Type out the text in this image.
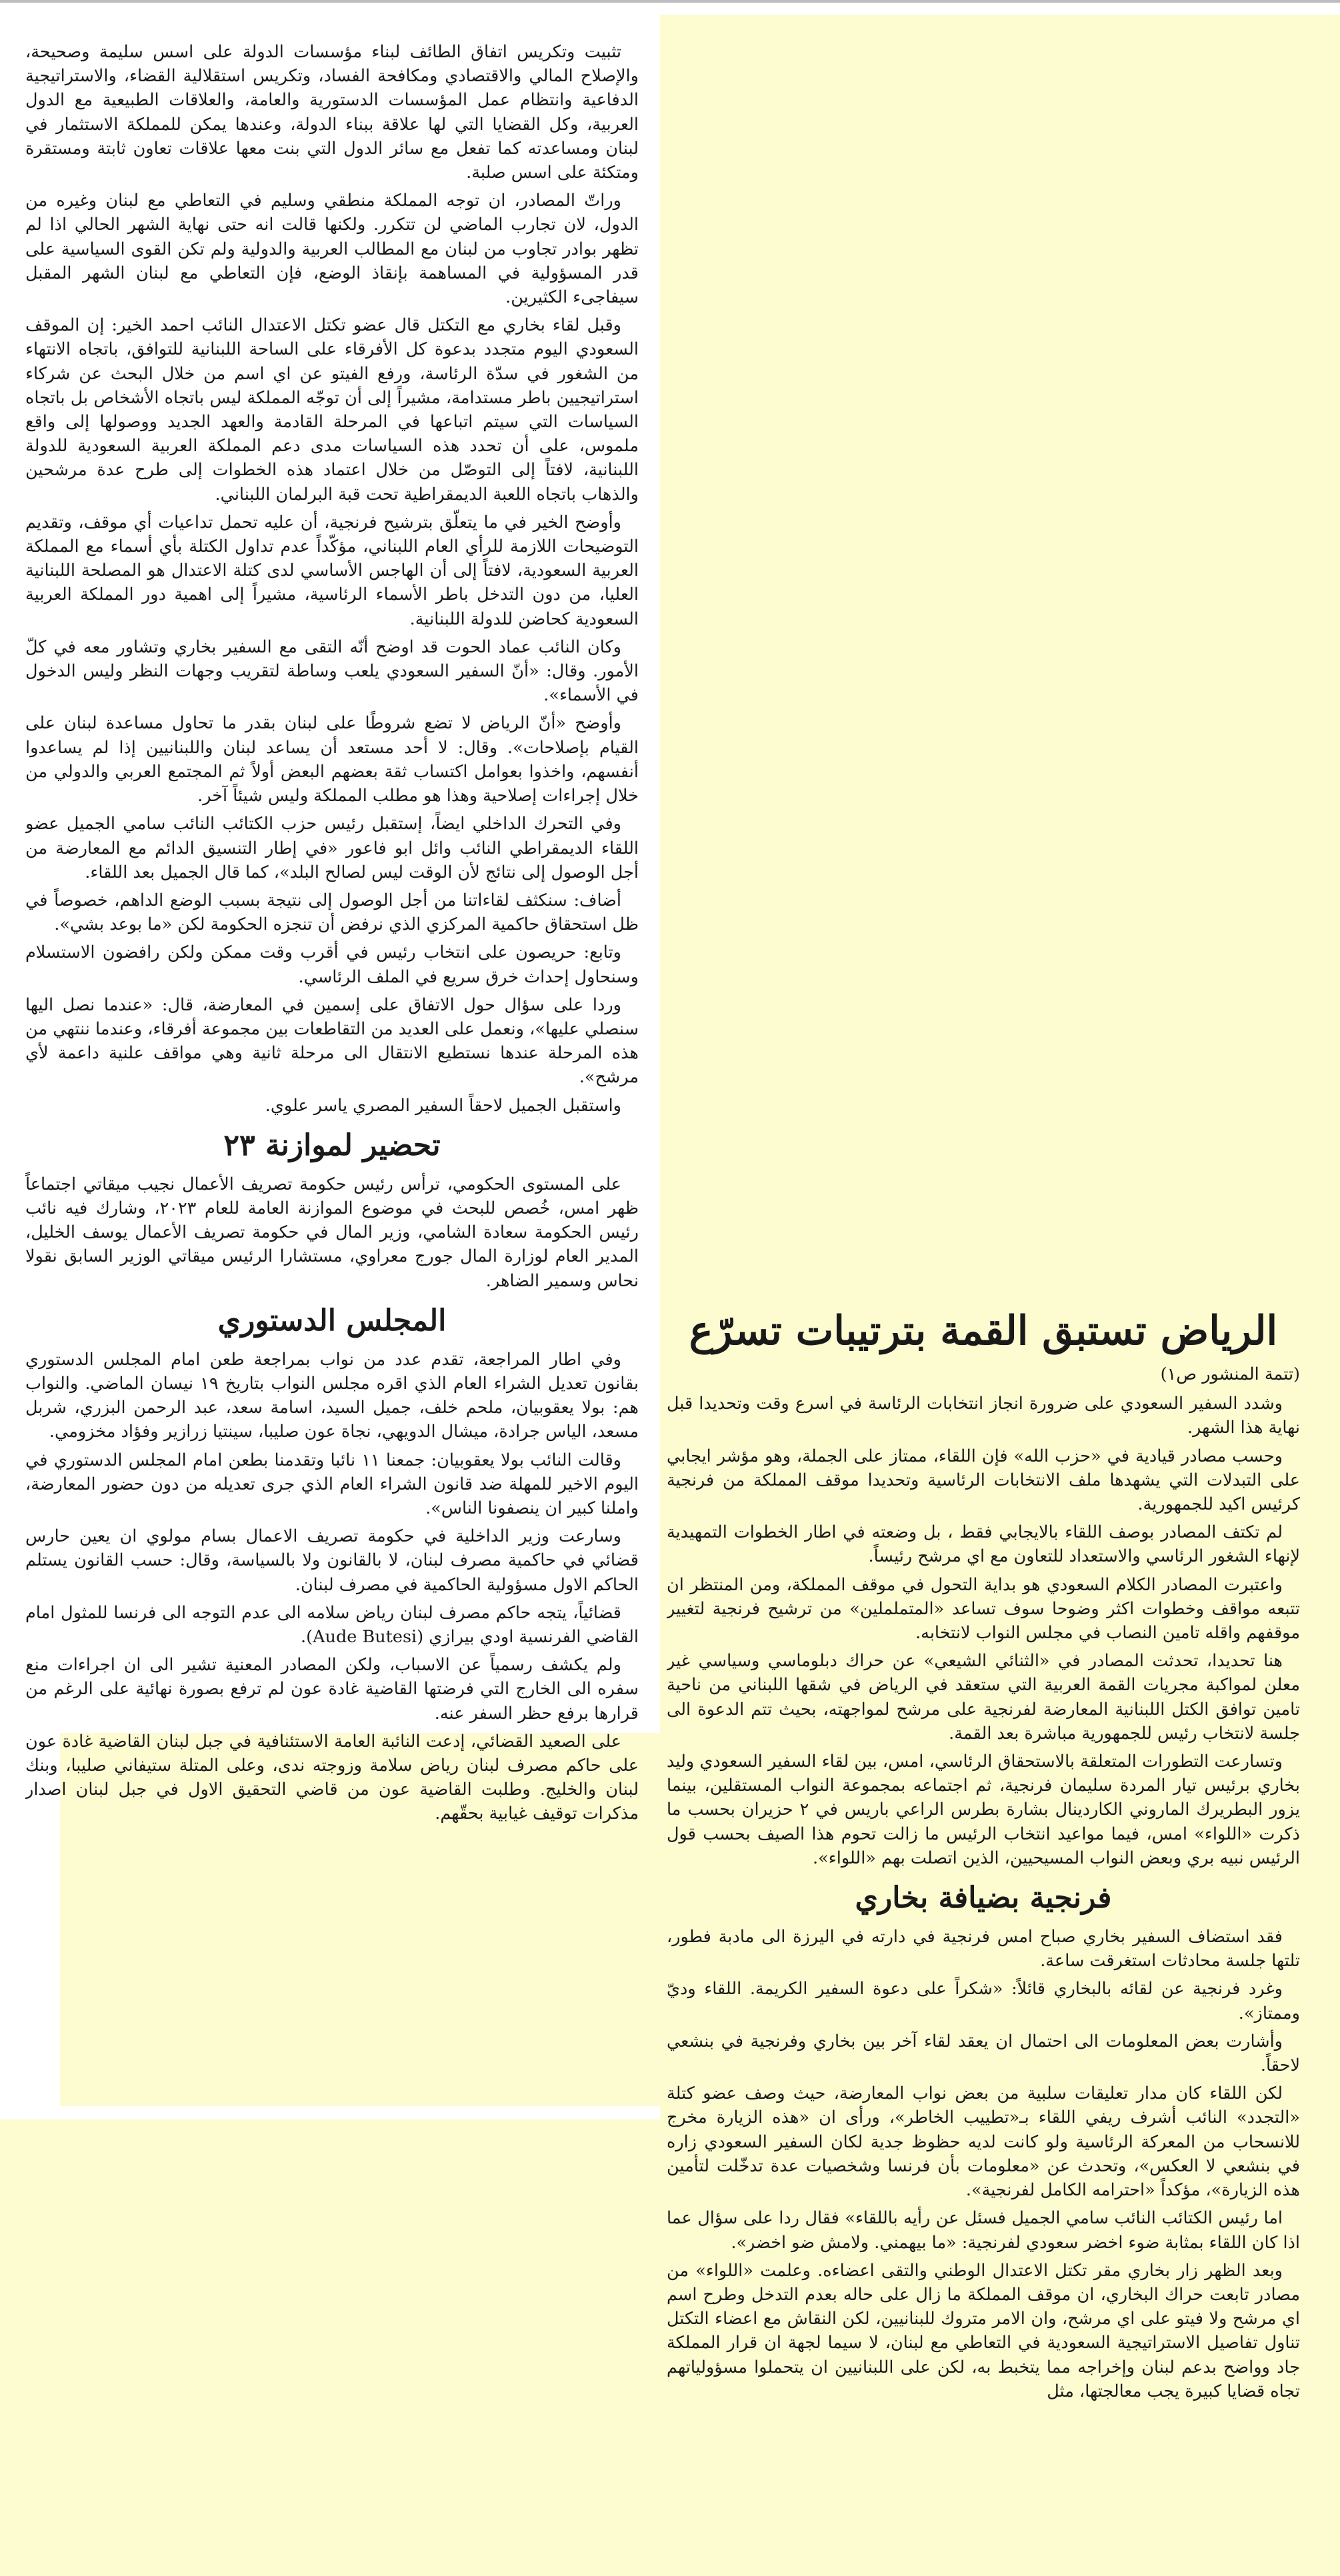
تثبيت وتكريس اتفاق الطائف لبناء مؤسسات الدولة على اسس سليمة وصحيحة، والإصلاح المالي والاقتصادي ومكافحة الفساد، وتكريس استقلالية القضاء، والاستراتيجية الدفاعية وانتظام عمل المؤسسات الدستورية والعامة، والعلاقات الطبيعية مع الدول العربية، وكل القضايا التي لها علاقة ببناء الدولة، وعندها يمكن للمملكة الاستثمار في لبنان ومساعدته كما تفعل مع سائر الدول التي بنت معها علاقات تعاون ثابتة ومستقرة ومتكئة على اسس صلبة.

وراتّ المصادر، ان توجه المملكة منطقي وسليم في التعاطي مع لبنان وغيره من الدول، لان تجارب الماضي لن تتكرر. ولكنها قالت انه حتى نهاية الشهر الحالي اذا لم تظهر بوادر تجاوب من لبنان مع المطالب العربية والدولية ولم تكن القوى السياسية على قدر المسؤولية في المساهمة بإنقاذ الوضع، فإن التعاطي مع لبنان الشهر المقبل سيفاجىء الكثيرين.

وقبل لقاء بخاري مع التكتل قال عضو تكتل الاعتدال النائب احمد الخير: إن الموقف السعودي اليوم متجدد بدعوة كل الأفرقاء على الساحة اللبنانية للتوافق، باتجاه الانتهاء من الشغور في سدّة الرئاسة، ورفع الفيتو عن اي اسم من خلال البحث عن شركاء استراتيجيين باطر مستدامة، مشيراً إلى أن توجّه المملكة ليس باتجاه الأشخاص بل باتجاه السياسات التي سيتم اتباعها في المرحلة القادمة والعهد الجديد ووصولها إلى واقع ملموس، على أن تحدد هذه السياسات مدى دعم المملكة العربية السعودية للدولة اللبنانية، لافتاً إلى التوصّل من خلال اعتماد هذه الخطوات إلى طرح عدة مرشحين والذهاب باتجاه اللعبة الديمقراطية تحت قبة البرلمان اللبناني.

وأوضح الخير في ما يتعلّق بترشيح فرنجية، أن عليه تحمل تداعيات أي موقف، وتقديم التوضيحات اللازمة للرأي العام اللبناني، مؤكّداً عدم تداول الكتلة بأي أسماء مع المملكة العربية السعودية، لافتاً إلى أن الهاجس الأساسي لدى كتلة الاعتدال هو المصلحة اللبنانية العليا، من دون التدخل باطر الأسماء الرئاسية، مشيراً إلى اهمية دور المملكة العربية السعودية كحاضن للدولة اللبنانية.

وكان النائب عماد الحوت قد اوضح أنّه التقى مع السفير بخاري وتشاور معه في كلّ الأمور. وقال: «أنّ السفير السعودي يلعب وساطة لتقريب وجهات النظر وليس الدخول في الأسماء».

وأوضح «أنّ الرياض لا تضع شروطًا على لبنان بقدر ما تحاول مساعدة لبنان على القيام بإصلاحات». وقال: لا أحد مستعد أن يساعد لبنان واللبنانيين إذا لم يساعدوا أنفسهم، واخذوا بعوامل اكتساب ثقة بعضهم البعض أولاً ثم المجتمع العربي والدولي من خلال إجراءات إصلاحية وهذا هو مطلب المملكة وليس شيئاً آخر.

وفي التحرك الداخلي ايضاً، إستقبل رئيس حزب الكتائب النائب سامي الجميل عضو اللقاء الديمقراطي النائب وائل ابو فاعور «في إطار التنسيق الدائم مع المعارضة من أجل الوصول إلى نتائج لأن الوقت ليس لصالح البلد»، كما قال الجميل بعد اللقاء.

أضاف: سنكثف لقاءاتنا من أجل الوصول إلى نتيجة بسبب الوضع الداهم، خصوصاً في ظل استحقاق حاكمية المركزي الذي نرفض أن تنجزه الحكومة لكن «ما بوعد بشي».

وتابع: حريصون على انتخاب رئيس في أقرب وقت ممكن ولكن رافضون الاستسلام وسنحاول إحداث خرق سريع في الملف الرئاسي.

وردا على سؤال حول الاتفاق على إسمين في المعارضة، قال: «عندما نصل اليها سنصلي عليها»، ونعمل على العديد من التقاطعات بين مجموعة أفرقاء، وعندما ننتهي من هذه المرحلة عندها نستطيع الانتقال الى مرحلة ثانية وهي مواقف علنية داعمة لأي مرشح».

واستقبل الجميل لاحقاً السفير المصري ياسر علوي.

تحضير لموازنة ٢٣

على المستوى الحكومي، ترأس رئيس حكومة تصريف الأعمال نجيب ميقاتي اجتماعاً ظهر امس، خُصص للبحث في موضوع الموازنة العامة للعام ٢٠٢٣، وشارك فيه نائب رئيس الحكومة سعادة الشامي، وزير المال في حكومة تصريف الأعمال يوسف الخليل، المدير العام لوزارة المال جورج معراوي، مستشارا الرئيس ميقاتي الوزير السابق نقولا نحاس وسمير الضاهر.

المجلس الدستوري

وفي اطار المراجعة، تقدم عدد من نواب بمراجعة طعن امام المجلس الدستوري بقانون تعديل الشراء العام الذي اقره مجلس النواب بتاريخ ١٩ نيسان الماضي. والنواب هم: بولا يعقوبيان، ملحم خلف، جميل السيد، اسامة سعد، عبد الرحمن البزري، شربل مسعد، الياس جرادة، ميشال الدويهي، نجاة عون صليبا، سينتيا زرازير وفؤاد مخزومي.

وقالت النائب بولا يعقوبيان: جمعنا ١١ نائبا وتقدمنا بطعن امام المجلس الدستوري في اليوم الاخير للمهلة ضد قانون الشراء العام الذي جرى تعديله من دون حضور المعارضة، واملنا كبير ان ينصفونا الناس».

وسارعت وزير الداخلية في حكومة تصريف الاعمال بسام مولوي ان يعين حارس قضائي في حاكمية مصرف لبنان، لا بالقانون ولا بالسياسة، وقال: حسب القانون يستلم الحاكم الاول مسؤولية الحاكمية في مصرف لبنان.

قضائياً، يتجه حاكم مصرف لبنان رياض سلامه الى عدم التوجه الى فرنسا للمثول امام القاضي الفرنسية اودي بيرازي (Aude Butesi).

ولم يكشف رسمياً عن الاسباب، ولكن المصادر المعنية تشير الى ان اجراءات منع سفره الى الخارج التي فرضتها القاضية غادة عون لم ترفع بصورة نهائية على الرغم من قرارها برفع حظر السفر عنه.

على الصعيد القضائي، إدعت النائبة العامة الاستئنافية في جبل لبنان القاضية غادة عون على حاكم مصرف لبنان رياض سلامة وزوجته ندى، وعلى المتلة ستيفاني صليبا، وبنك لبنان والخليج. وطلبت القاضية عون من قاضي التحقيق الاول في جبل لبنان اصدار مذكرات توقيف غيابية بحقّهم.

الرياض تستبق القمة بترتيبات تسرّع

(تتمة المنشور ص١)

وشدد السفير السعودي على ضرورة انجاز انتخابات الرئاسة في اسرع وقت وتحديدا قبل نهاية هذا الشهر.

وحسب مصادر قيادية في «حزب الله» فإن اللقاء، ممتاز على الجملة، وهو مؤشر ايجابي على التبدلات التي يشهدها ملف الانتخابات الرئاسية وتحديدا موقف المملكة من فرنجية كرئيس اكيد للجمهورية.

لم تكتف المصادر بوصف اللقاء بالايجابي فقط ، بل وضعته في اطار الخطوات التمهيدية لإنهاء الشغور الرئاسي والاستعداد للتعاون مع اي مرشح رئيساً.

واعتبرت المصادر الكلام السعودي هو بداية التحول في موقف المملكة، ومن المنتظر ان تتبعه مواقف وخطوات اكثر وضوحا سوف تساعد «المتململين» من ترشيح فرنجية لتغيير موقفهم واقله تامين النصاب في مجلس النواب لانتخابه.

هنا تحديدا، تحدثت المصادر في «الثنائي الشيعي» عن حراك دبلوماسي وسياسي غير معلن لمواكبة مجريات القمة العربية التي ستعقد في الرياض في شقها اللبناني من ناحية تامين توافق الكتل اللبنانية المعارضة لفرنجية على مرشح لمواجهته، بحيث تتم الدعوة الى جلسة لانتخاب رئيس للجمهورية مباشرة بعد القمة.

وتسارعت التطورات المتعلقة بالاستحقاق الرئاسي، امس، بين لقاء السفير السعودي وليد بخاري برئيس تيار المردة سليمان فرنجية، ثم اجتماعه بمجموعة النواب المستقلين، بينما يزور البطريرك الماروني الكاردينال بشارة بطرس الراعي باريس في ٢ حزيران بحسب ما ذكرت «اللواء» امس، فيما مواعيد انتخاب الرئيس ما زالت تحوم هذا الصيف بحسب قول الرئيس نبيه بري وبعض النواب المسيحيين، الذين اتصلت بهم «اللواء».

فرنجية بضيافة بخاري

فقد استضاف السفير بخاري صباح امس فرنجية في دارته في اليرزة الى مادبة فطور، تلتها جلسة محادثات استغرقت ساعة.

وغرد فرنجية عن لقائه بالبخاري قائلاً: «شكراً على دعوة السفير الكريمة. اللقاء وديّ وممتاز».

وأشارت بعض المعلومات الى احتمال ان يعقد لقاء آخر بين بخاري وفرنجية في بنشعي لاحقاً.

لكن اللقاء كان مدار تعليقات سلبية من بعض نواب المعارضة، حيث وصف عضو كتلة «التجدد» النائب أشرف ريفي اللقاء بـ«تطييب الخاطر»، ورأى ان «هذه الزيارة مخرج للانسحاب من المعركة الرئاسية ولو كانت لديه حظوظ جدية لكان السفير السعودي زاره في بنشعي لا العكس»، وتحدث عن «معلومات بأن فرنسا وشخصيات عدة تدخّلت لتأمين هذه الزيارة»، مؤكداً «احترامه الكامل لفرنجية».

اما رئيس الكتائب النائب سامي الجميل فسئل عن رأيه باللقاء» فقال ردا على سؤال عما اذا كان اللقاء بمثابة ضوء اخضر سعودي لفرنجية: «ما بيهمني. ولامش ضو اخضر».

وبعد الظهر زار بخاري مقر تكتل الاعتدال الوطني والتقى اعضاءه. وعلمت «اللواء» من مصادر تابعت حراك البخاري، ان موقف المملكة ما زال على حاله بعدم التدخل وطرح اسم اي مرشح ولا فيتو على اي مرشح، وان الامر متروك للبنانيين، لكن النقاش مع اعضاء التكتل تناول تفاصيل الاستراتيجية السعودية في التعاطي مع لبنان، لا سيما لجهة ان قرار المملكة جاد وواضح بدعم لبنان وإخراجه مما يتخبط به، لكن على اللبنانيين ان يتحملوا مسؤولياتهم تجاه قضايا كبيرة يجب معالجتها، مثل
